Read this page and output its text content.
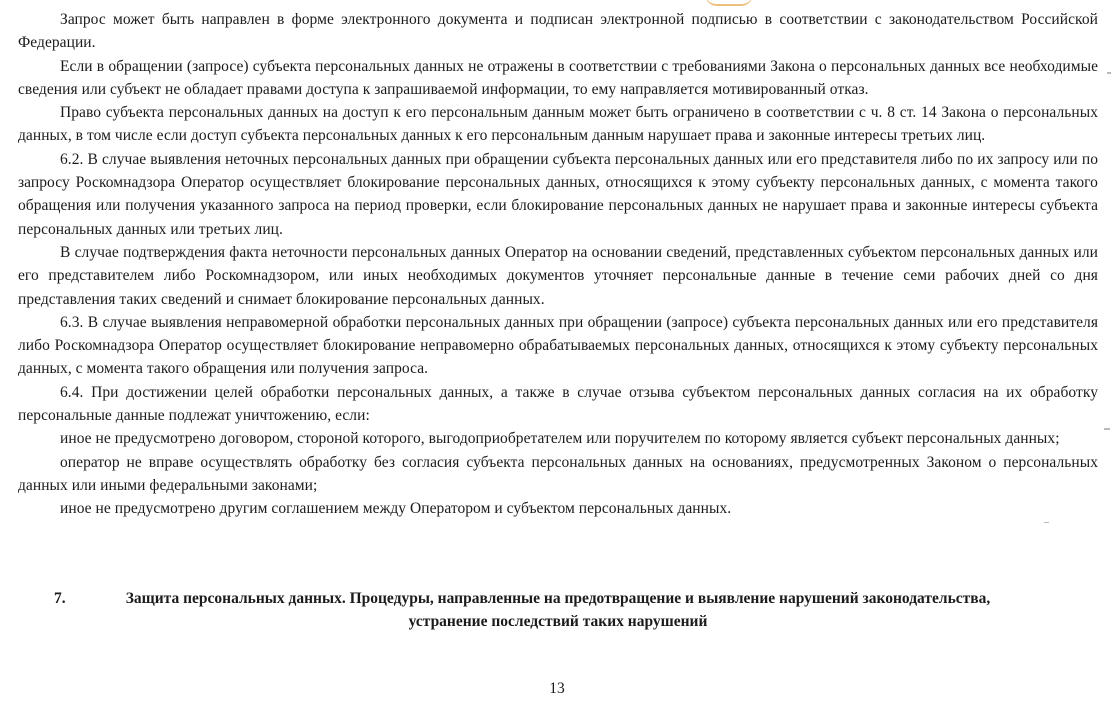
Запрос может быть направлен в форме электронного документа и подписан электронной подписью в соответствии с законодательством Российской Федерации.

Если в обращении (запросе) субъекта персональных данных не отражены в соответствии с требованиями Закона о персональных данных все необходимые сведения или субъект не обладает правами доступа к запрашиваемой информации, то ему направляется мотивированный отказ.

Право субъекта персональных данных на доступ к его персональным данным может быть ограничено в соответствии с ч. 8 ст. 14 Закона о персональных данных, в том числе если доступ субъекта персональных данных к его персональным данным нарушает права и законные интересы третьих лиц.

6.2. В случае выявления неточных персональных данных при обращении субъекта персональных данных или его представителя либо по их запросу или по запросу Роскомнадзора Оператор осуществляет блокирование персональных данных, относящихся к этому субъекту персональных данных, с момента такого обращения или получения указанного запроса на период проверки, если блокирование персональных данных не нарушает права и законные интересы субъекта персональных данных или третьих лиц.

В случае подтверждения факта неточности персональных данных Оператор на основании сведений, представленных субъектом персональных данных или его представителем либо Роскомнадзором, или иных необходимых документов уточняет персональные данные в течение семи рабочих дней со дня представления таких сведений и снимает блокирование персональных данных.

6.3. В случае выявления неправомерной обработки персональных данных при обращении (запросе) субъекта персональных данных или его представителя либо Роскомнадзора Оператор осуществляет блокирование неправомерно обрабатываемых персональных данных, относящихся к этому субъекту персональных данных, с момента такого обращения или получения запроса.

6.4. При достижении целей обработки персональных данных, а также в случае отзыва субъектом персональных данных согласия на их обработку персональные данные подлежат уничтожению, если:

иное не предусмотрено договором, стороной которого, выгодоприобретателем или поручителем по которому является субъект персональных данных;

оператор не вправе осуществлять обработку без согласия субъекта персональных данных на основаниях, предусмотренных Законом о персональных данных или иными федеральными законами;

иное не предусмотрено другим соглашением между Оператором и субъектом персональных данных.

7.	Защита персональных данных. Процедуры, направленные на предотвращение и выявление нарушений законодательства,
устранение последствий таких нарушений
13
